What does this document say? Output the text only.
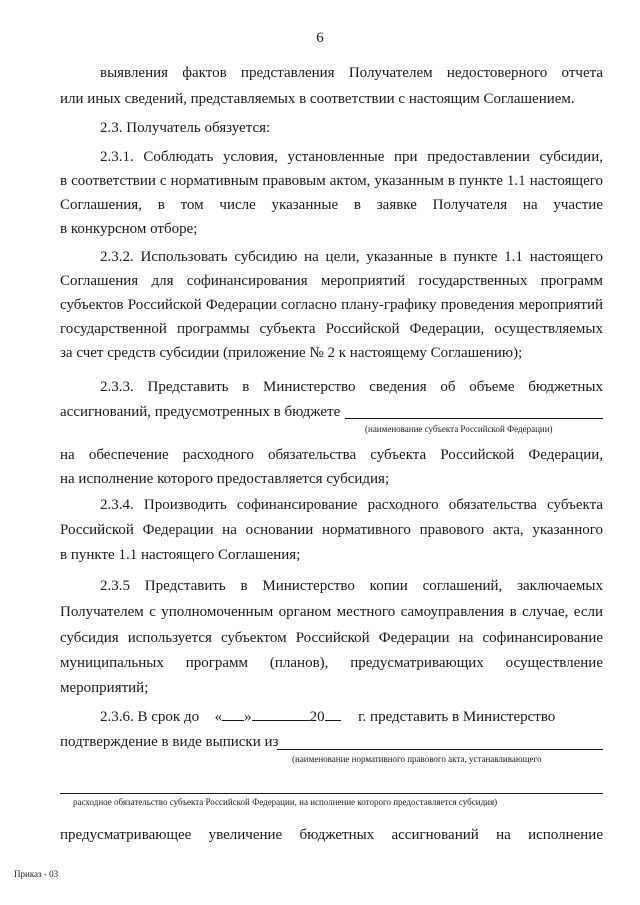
6
выявления фактов представления Получателем недостоверного отчета
или иных сведений, представляемых в соответствии с настоящим Соглашением.
2.3. Получатель обязуется:
2.3.1. Соблюдать условия, установленные при предоставлении субсидии,
в соответствии с нормативным правовым актом, указанным в пункте 1.1 настоящего
Соглашения, в том числе указанные в заявке Получателя на участие
в конкурсном отборе;
2.3.2. Использовать субсидию на цели, указанные в пункте 1.1 настоящего
Соглашения для софинансирования мероприятий государственных программ
субъектов Российской Федерации согласно плану-графику проведения мероприятий
государственной программы субъекта Российской Федерации, осуществляемых
за счет средств субсидии (приложение № 2 к настоящему Соглашению);
2.3.3. Представить в Министерство сведения об объеме бюджетных
ассигнований, предусмотренных в бюджете
(наименование субъекта Российской Федерации)
на обеспечение расходного обязательства субъекта Российской Федерации,
на исполнение которого предоставляется субсидия;
2.3.4. Производить софинансирование расходного обязательства субъекта
Российской Федерации на основании нормативного правового акта, указанного
в пункте 1.1 настоящего Соглашения;
2.3.5 Представить в Министерство копии соглашений, заключаемых
Получателем с уполномоченным органом местного самоуправления в случае, если
субсидия используется субъектом Российской Федерации на софинансирование
муниципальных программ (планов), предусматривающих осуществление
мероприятий;
2.3.6. В срок до « »	20 г. представить в Министерство
подтверждение в виде выписки из
(наименование нормативного правового акта, устанавливающего
расходное обязательство субъекта Российской Федерации, на исполнение которого предоставляется субсидия)
предусматривающее увеличение бюджетных ассигнований на исполнение
Приказ - 03
